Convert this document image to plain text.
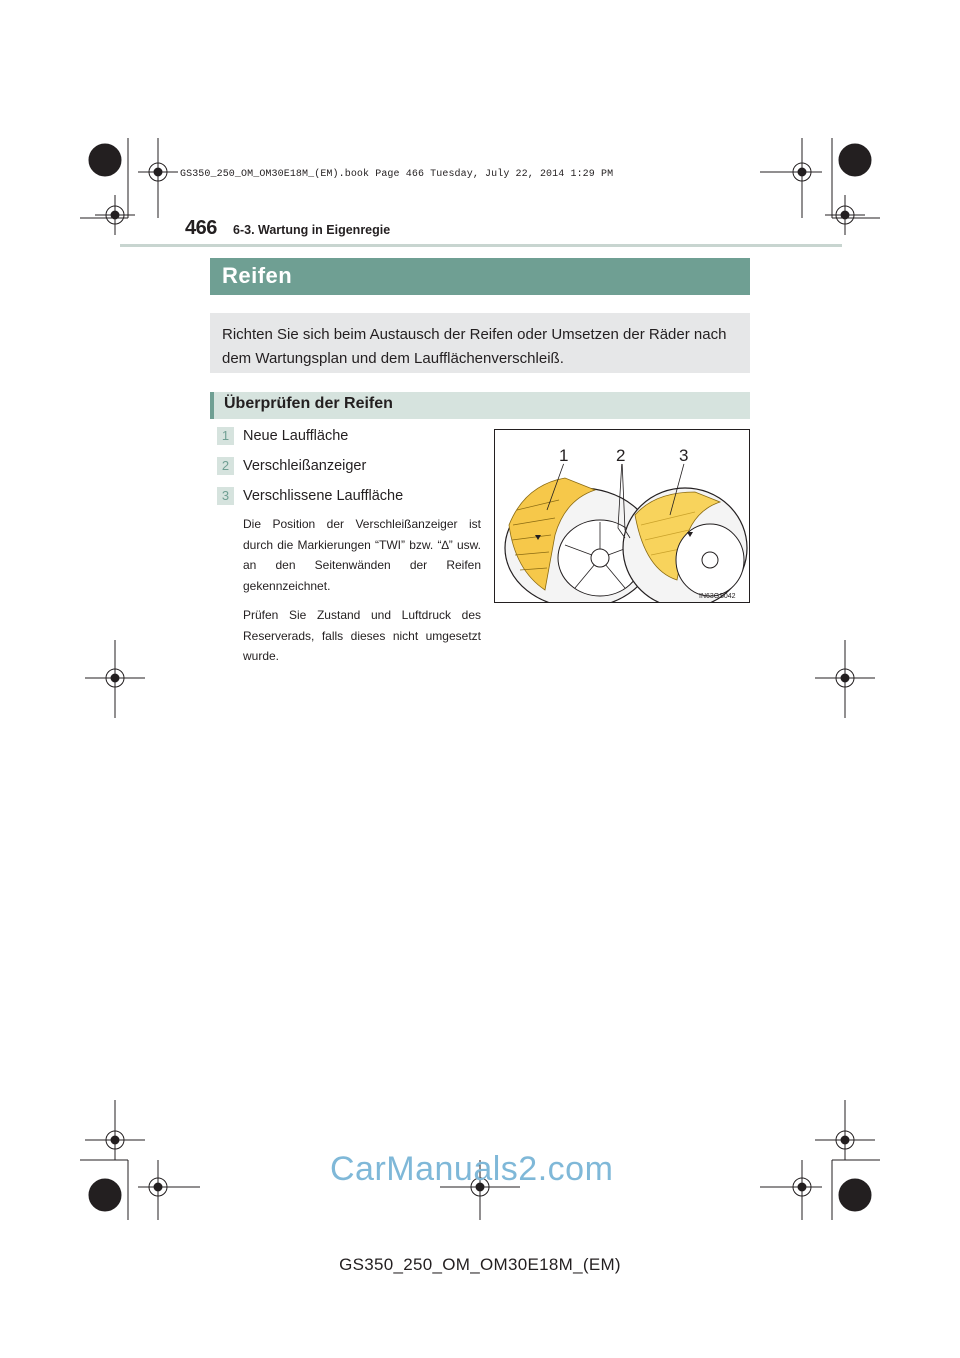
GS350_250_OM_OM30E18M_(EM).book Page 466 Tuesday, July 22, 2014 1:29 PM
466 6-3. Wartung in Eigenregie
Reifen
Richten Sie sich beim Austausch der Reifen oder Umsetzen der Räder nach dem Wartungsplan und dem Laufflächenverschleiß.
Überprüfen der Reifen
1 Neue Lauffläche
2 Verschleißanzeiger
3 Verschlissene Lauffläche
Die Position der Verschleißanzeiger ist durch die Markierungen “TWI” bzw. “∆” usw. an den Seitenwänden der Reifen gekennzeichnet.
Prüfen Sie Zustand und Luftdruck des Reserverads, falls dieses nicht umgesetzt wurde.
1	2	3
IN63GS042
CarManuals2.com
GS350_250_OM_OM30E18M_(EM)
